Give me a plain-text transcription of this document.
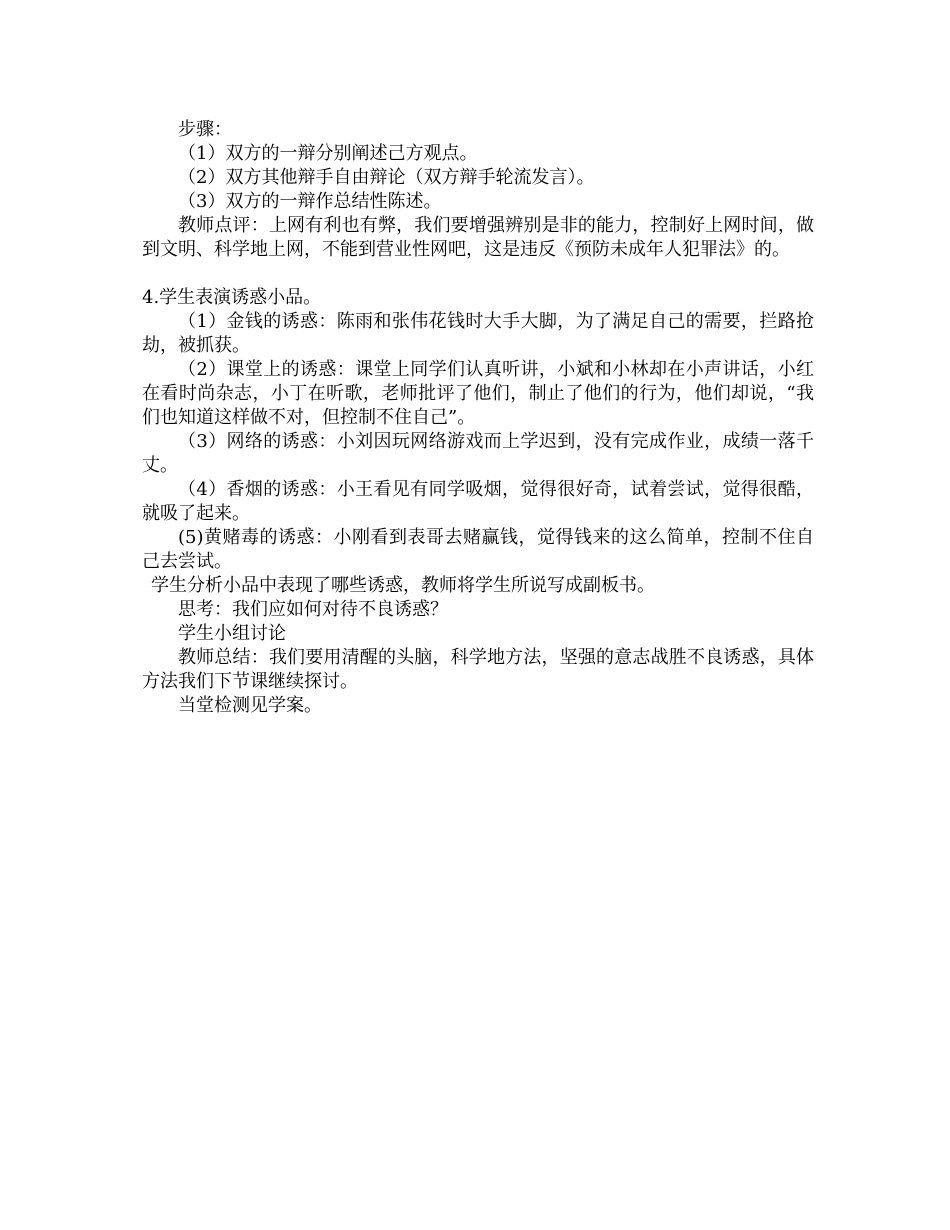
步骤：

（1）双方的一辩分别阐述己方观点。

（2）双方其他辩手自由辩论（双方辩手轮流发言）。

（3）双方的一辩作总结性陈述。

教师点评：上网有利也有弊，我们要增强辨别是非的能力，控制好上网时间，做到文明、科学地上网，不能到营业性网吧，这是违反《预防未成年人犯罪法》的。

4.学生表演诱惑小品。

（1）金钱的诱惑：陈雨和张伟花钱时大手大脚，为了满足自己的需要，拦路抢劫，被抓获。

（2）课堂上的诱惑：课堂上同学们认真听讲，小斌和小林却在小声讲话，小红在看时尚杂志，小丁在听歌，老师批评了他们，制止了他们的行为，他们却说，“我们也知道这样做不对，但控制不住自己”。

（3）网络的诱惑：小刘因玩网络游戏而上学迟到，没有完成作业，成绩一落千丈。

（4）香烟的诱惑：小王看见有同学吸烟，觉得很好奇，试着尝试，觉得很酷，就吸了起来。

(5)黄赌毒的诱惑：小刚看到表哥去赌赢钱，觉得钱来的这么简单，控制不住自己去尝试。

学生分析小品中表现了哪些诱惑，教师将学生所说写成副板书。

思考：我们应如何对待不良诱惑？

学生小组讨论

教师总结：我们要用清醒的头脑，科学地方法，坚强的意志战胜不良诱惑，具体方法我们下节课继续探讨。

当堂检测见学案。
